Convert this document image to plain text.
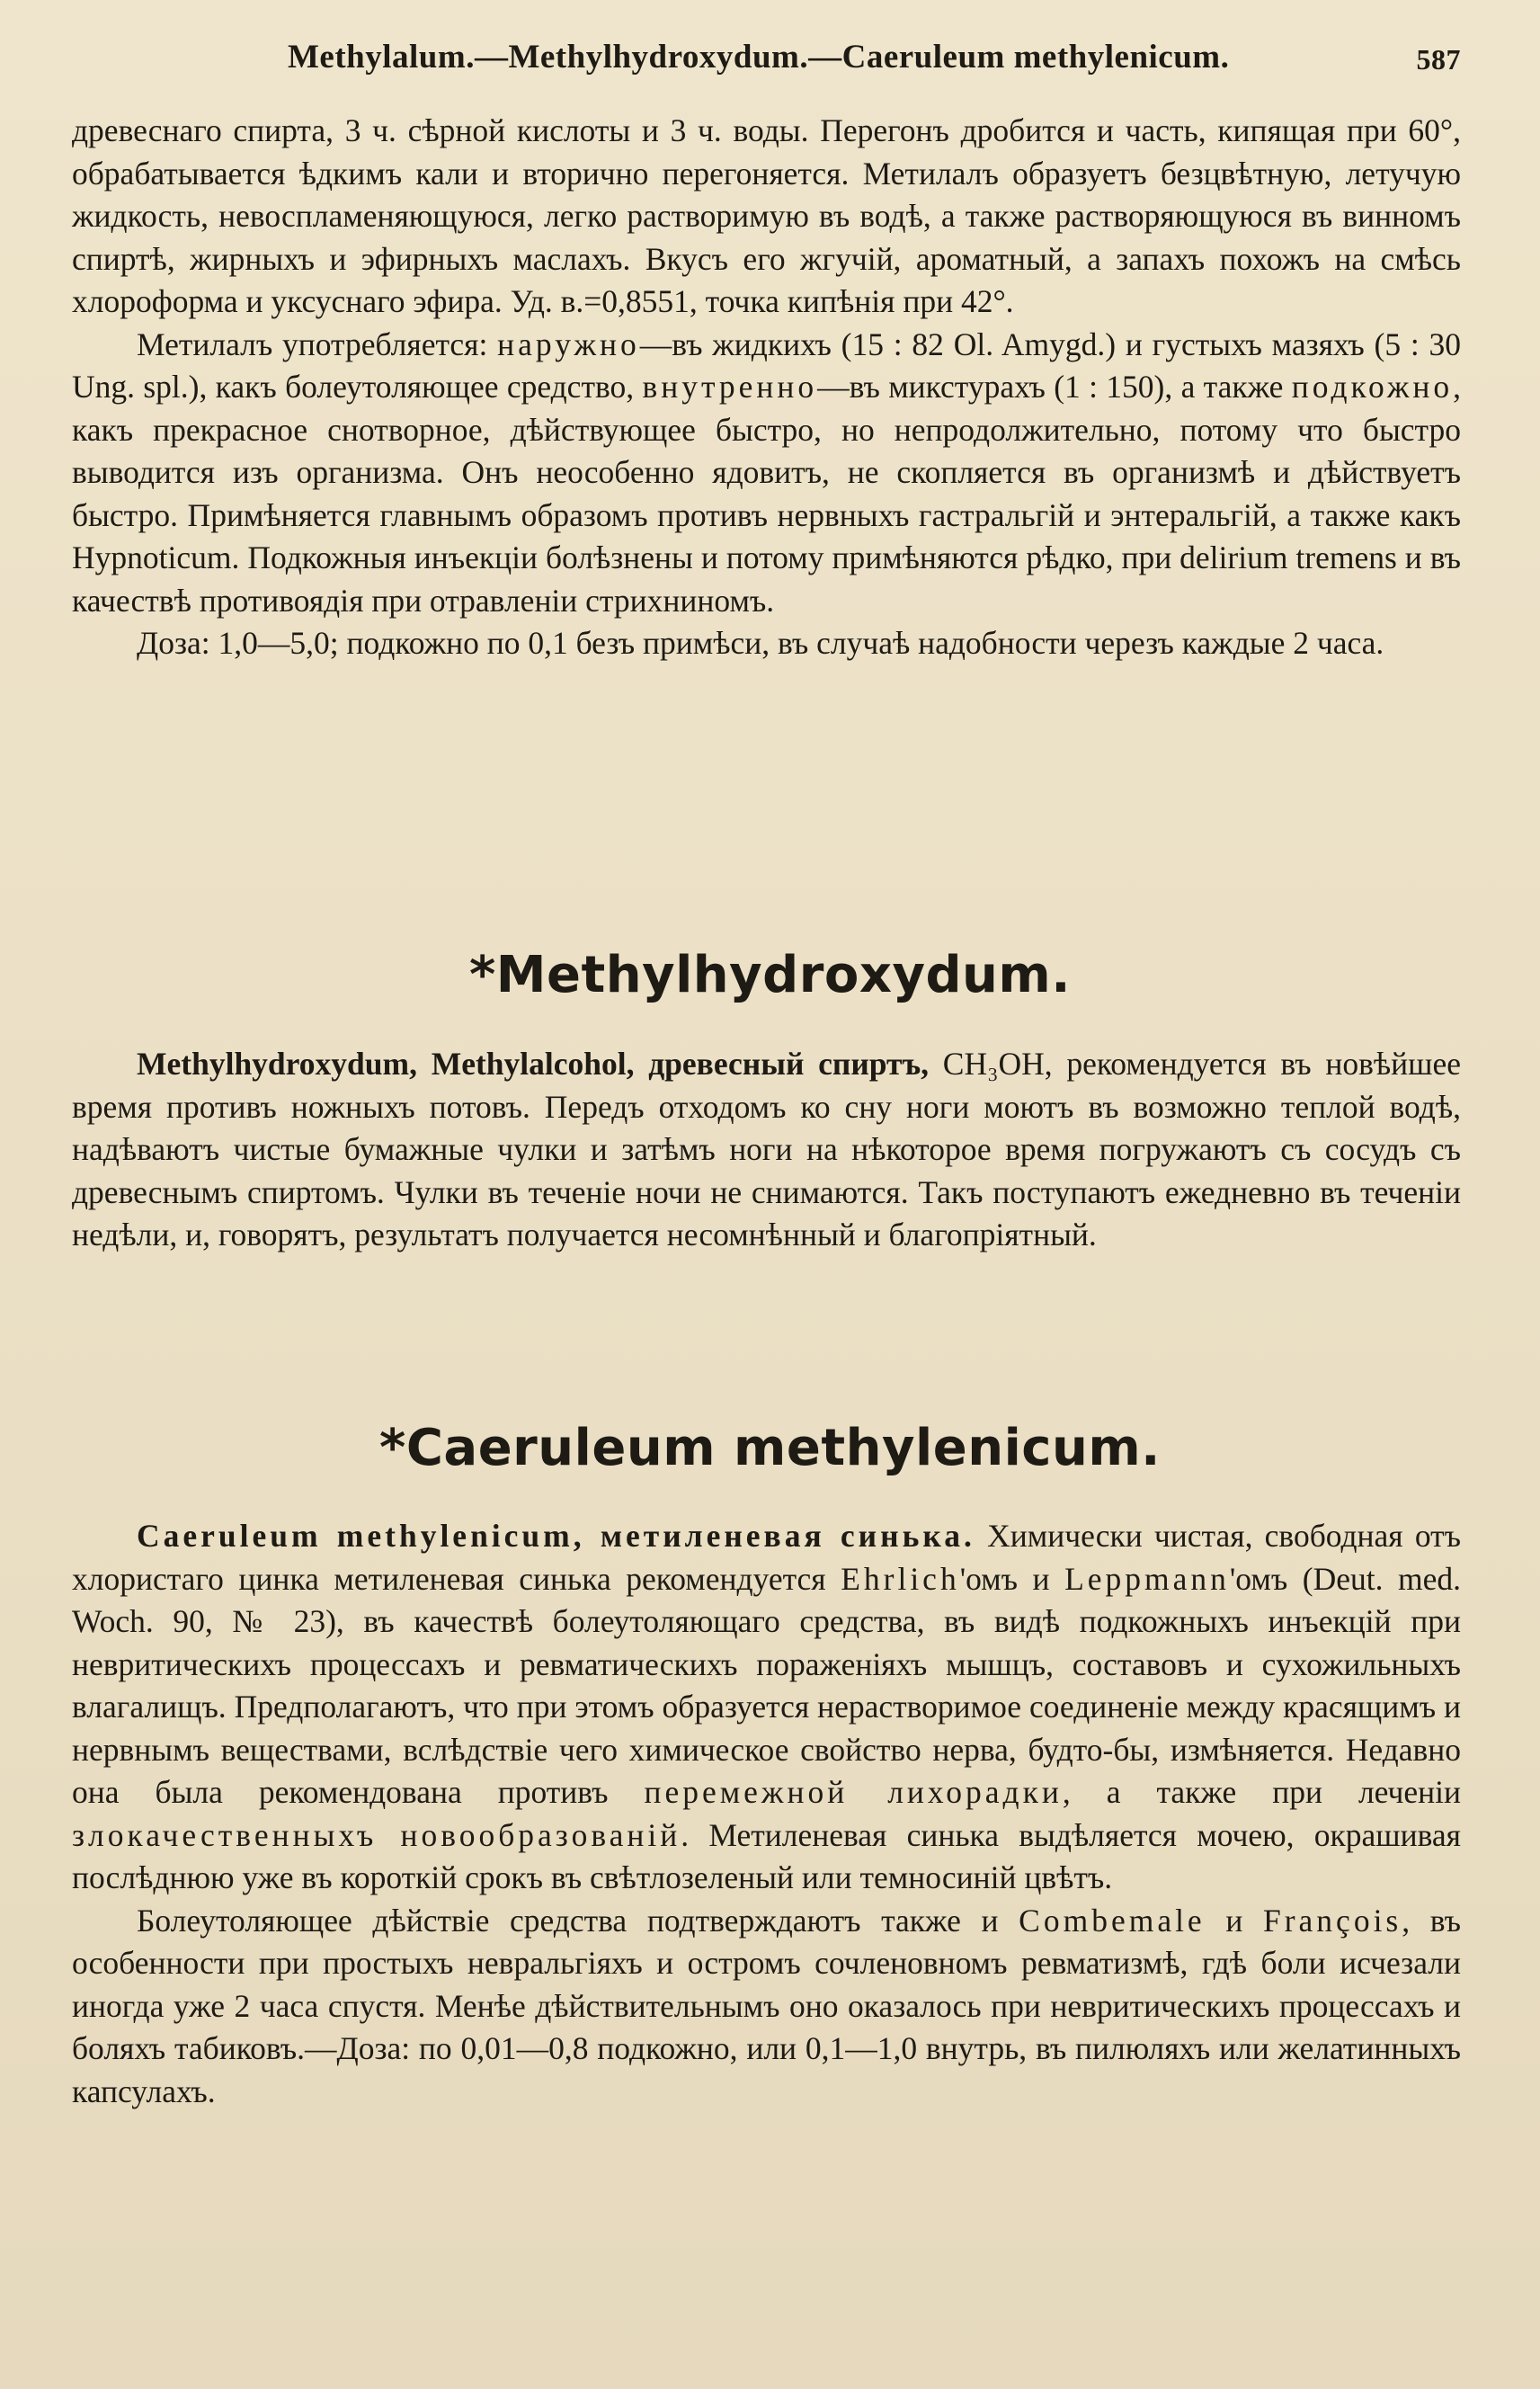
Methylalum.—Methylhydroxydum.—Caeruleum methylenicum.	587

древеснаго спирта, 3 ч. сѣрной кислоты и 3 ч. воды. Перегонъ дробится и часть, кипящая при 60°, обрабатывается ѣдкимъ кали и вторично перегоняется. Метилалъ образуетъ безцвѣтную, летучую жидкость, невоспламеняющуюся, легко растворимую въ водѣ, а также растворяющуюся въ винномъ спиртѣ, жирныхъ и эфирныхъ маслахъ. Вкусъ его жгучій, ароматный, а запахъ похожъ на смѣсь хлороформа и уксуснаго эфира. Уд. в.=0,8551, точка кипѣнія при 42°.

Метилалъ употребляется: наружно—въ жидкихъ (15 : 82 Ol. Amygd.) и густыхъ мазяхъ (5 : 30 Ung. spl.), какъ болеутоляющее средство, внутренно—въ микстурахъ (1 : 150), а также подкожно, какъ прекрасное снотворное, дѣйствующее быстро, но непродолжительно, потому что быстро выводится изъ организма. Онъ неособенно ядовитъ, не скопляется въ организмѣ и дѣйствуетъ быстро. Примѣняется главнымъ образомъ противъ нервныхъ гастральгій и энтеральгій, а также какъ Hypnoticum. Подкожныя инъекціи болѣзнены и потому примѣняются рѣдко, при delirium tremens и въ качествѣ противоядія при отравленіи стрихниномъ.

Доза: 1,0—5,0; подкожно по 0,1 безъ примѣси, въ случаѣ надобности черезъ каждые 2 часа.

*Methylhydroxydum.

Methylhydroxydum, Methylalcohol, древесный спиртъ, CH₃OH, рекомендуется въ новѣйшее время противъ ножныхъ потовъ. Передъ отходомъ ко сну ноги моютъ въ возможно теплой водѣ, надѣваютъ чистые бумажные чулки и затѣмъ ноги на нѣкоторое время погружаютъ съ сосудъ съ древеснымъ спиртомъ. Чулки въ теченіе ночи не снимаются. Такъ поступаютъ ежедневно въ теченіи недѣли, и, говорятъ, результатъ получается несомнѣнный и благопріятный.

*Caeruleum methylenicum.

Caeruleum methylenicum, метиленевая синька. Химически чистая, свободная отъ хлористаго цинка метиленевая синька рекомендуется Ehrlich'омъ и Leppmann'омъ (Deut. med. Woch. 90, № 23), въ качествѣ болеутоляющаго средства, въ видѣ подкожныхъ инъекцій при невритическихъ процессахъ и ревматическихъ пораженіяхъ мышцъ, составовъ и сухожильныхъ влагалищъ. Предполагаютъ, что при этомъ образуется нерастворимое соединеніе между красящимъ и нервнымъ веществами, вслѣдствіе чего химическое свойство нерва, будто-бы, измѣняется. Недавно она была рекомендована противъ перемежной лихорадки, а также при леченіи злокачественныхъ новообразованій. Метиленевая синька выдѣляется мочею, окрашивая послѣднюю уже въ короткій срокъ въ свѣтлозеленый или темносиній цвѣтъ.

Болеутоляющее дѣйствіе средства подтверждаютъ также и Combemale и François, въ особенности при простыхъ невральгіяхъ и остромъ сочленовномъ ревматизмѣ, гдѣ боли исчезали иногда уже 2 часа спустя. Менѣе дѣйствительнымъ оно оказалось при невритическихъ процессахъ и боляхъ табиковъ.—Доза: по 0,01—0,8 подкожно, или 0,1—1,0 внутрь, въ пилюляхъ или желатинныхъ капсулахъ.
